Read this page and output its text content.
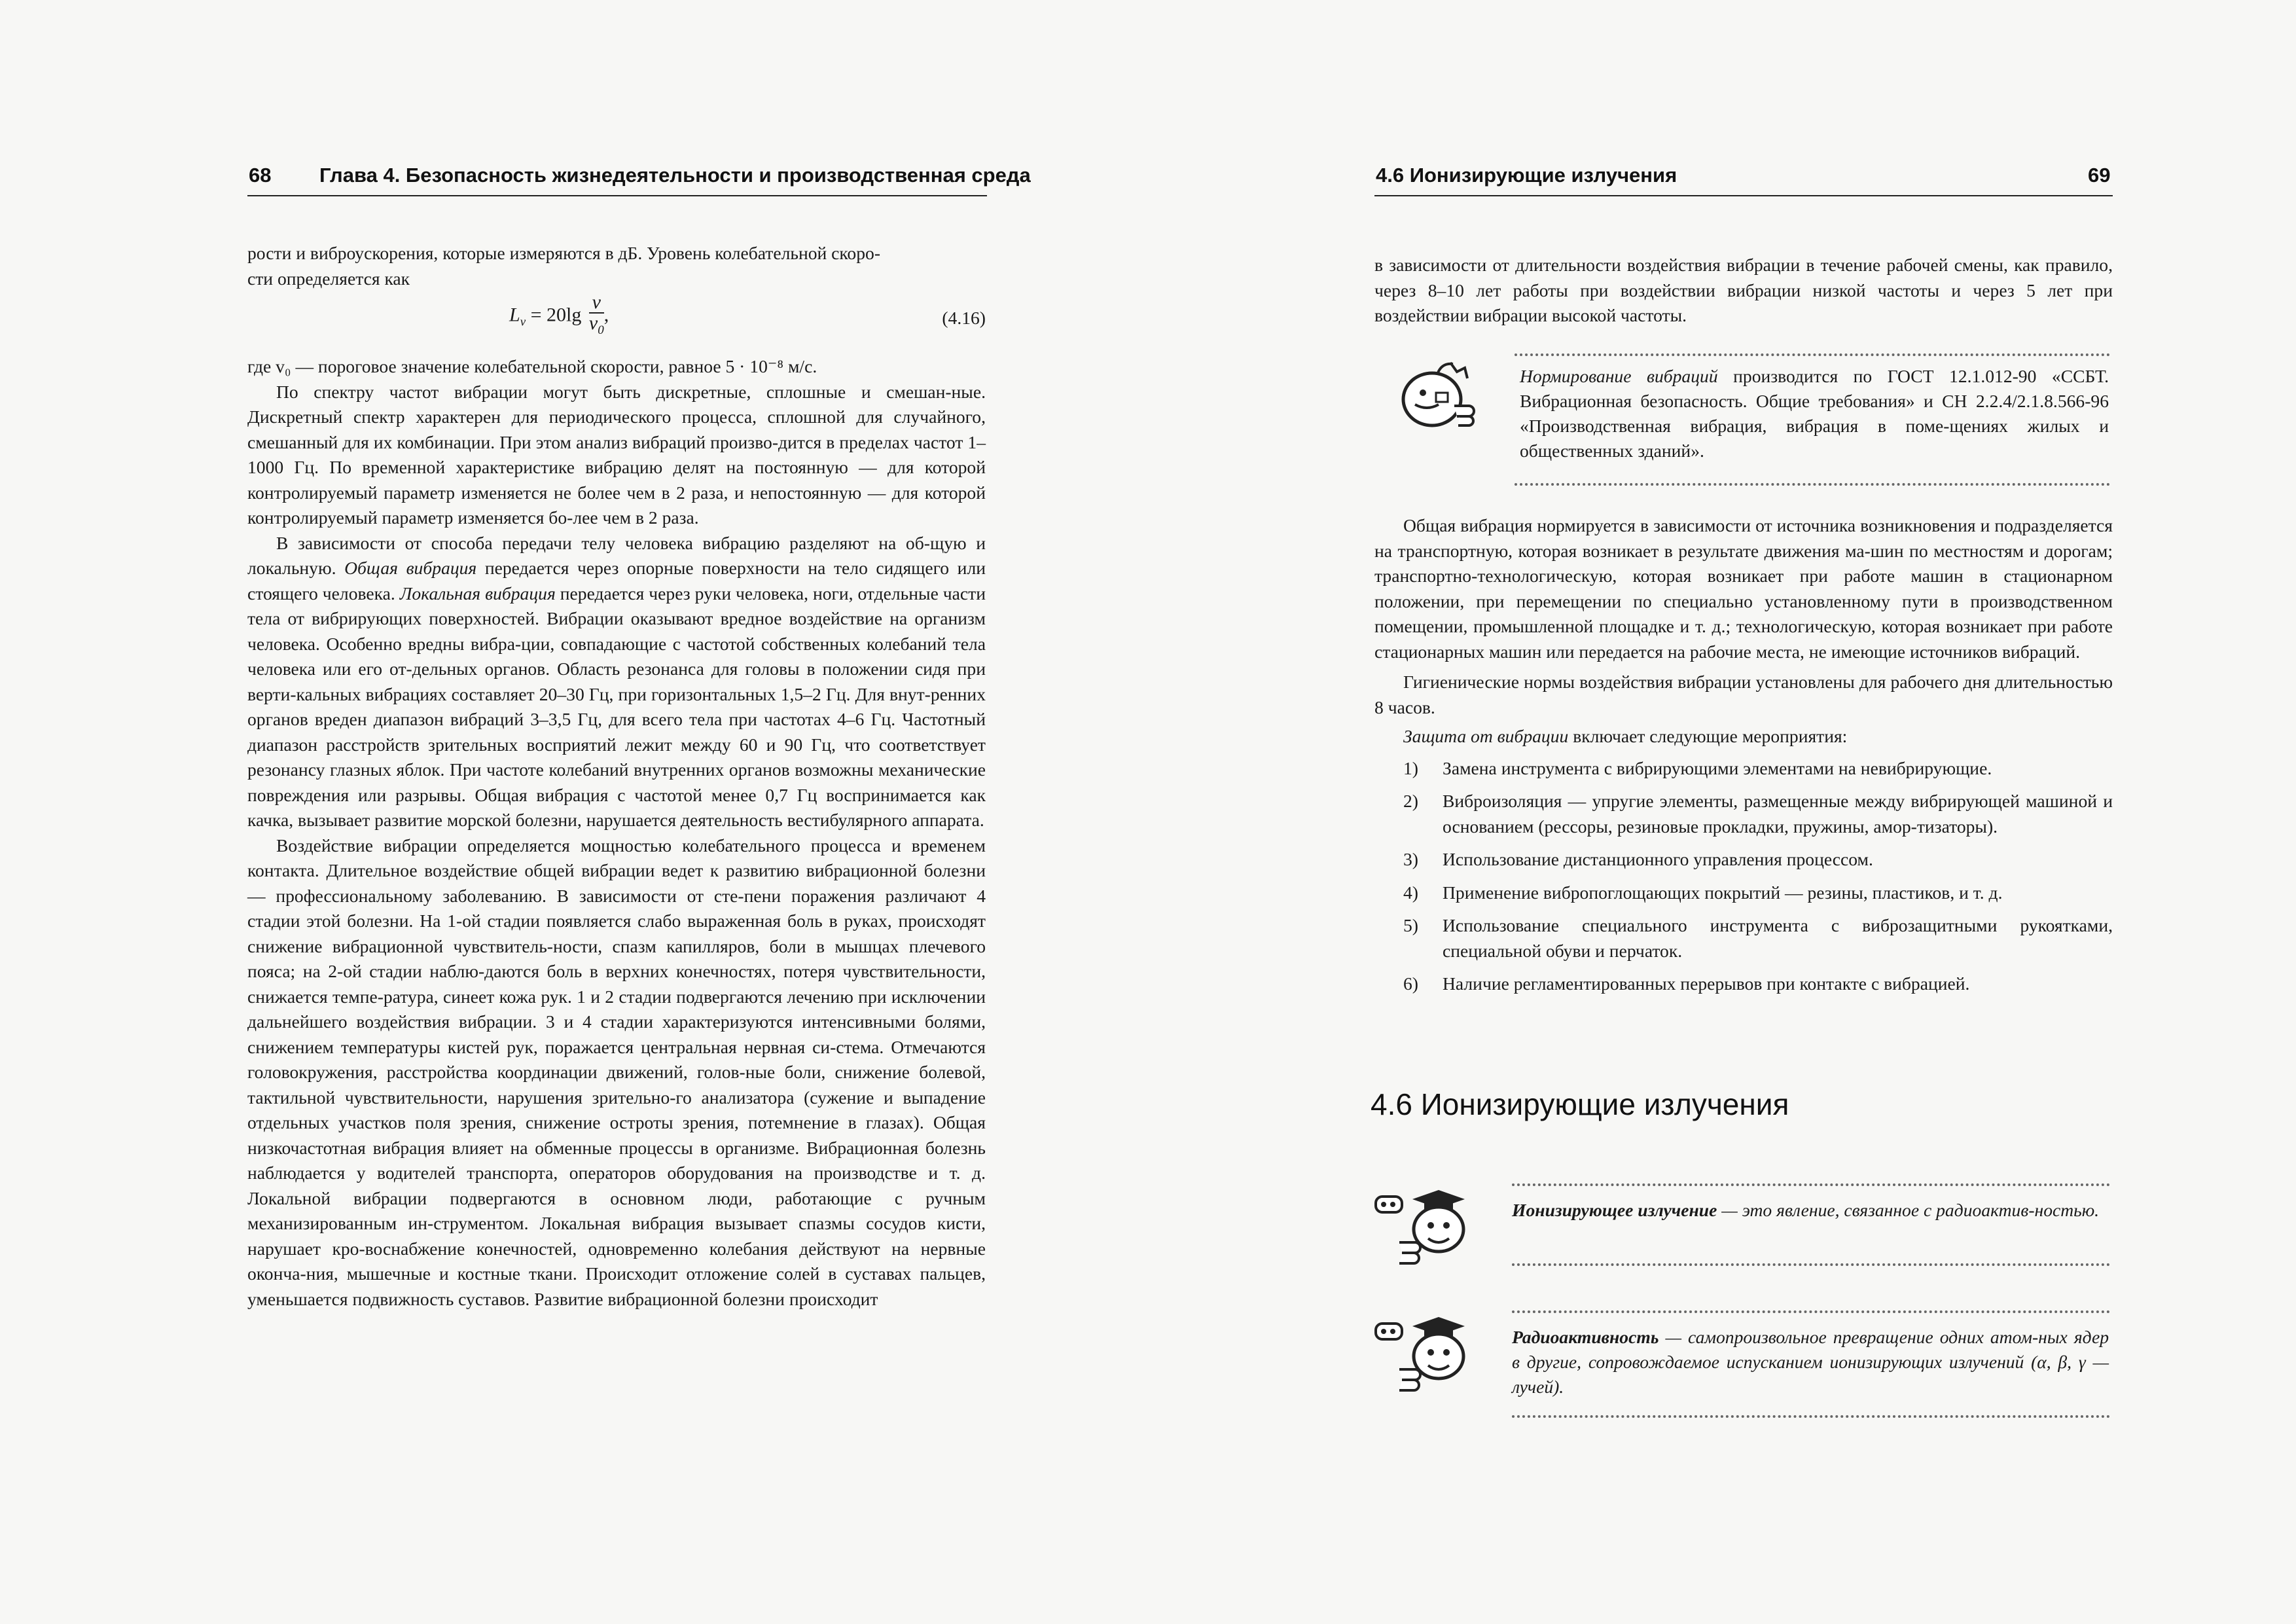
68 Глава 4. Безопасность жизнедеятельности и производственная среда

рости и виброускорения, которые измеряются в дБ. Уровень колебательной скоро-

сти определяется как

$L_v = 20\lg \frac{v}{v_0}$ ,	(4.16)

где v₀ — пороговое значение колебательной скорости, равное 5 · 10⁻⁸ м/с.

По спектру частот вибрации могут быть дискретные, сплошные и смешан-ные. Дискретный спектр характерен для периодического процесса, сплошной для случайного, смешанный для их комбинации. При этом анализ вибраций произво-дится в пределах частот 1–1000 Гц. По временной характеристике вибрацию делят на постоянную — для которой контролируемый параметр изменяется не более чем в 2 раза, и непостоянную — для которой контролируемый параметр изменяется бо-лее чем в 2 раза.

В зависимости от способа передачи телу человека вибрацию разделяют на об-щую и локальную. Общая вибрация передается через опорные поверхности на тело сидящего или стоящего человека. Локальная вибрация передается через руки человека, ноги, отдельные части тела от вибрирующих поверхностей. Вибрации оказывают вредное воздействие на организм человека. Особенно вредны вибра-ции, совпадающие с частотой собственных колебаний тела человека или его от-дельных органов. Область резонанса для головы в положении сидя при верти-кальных вибрациях составляет 20–30 Гц, при горизонтальных 1,5–2 Гц. Для внут-ренних органов вреден диапазон вибраций 3–3,5 Гц, для всего тела при частотах 4–6 Гц. Частотный диапазон расстройств зрительных восприятий лежит между 60 и 90 Гц, что соответствует резонансу глазных яблок. При частоте колебаний внутренних органов возможны механические повреждения или разрывы. Общая вибрация с частотой менее 0,7 Гц воспринимается как качка, вызывает развитие морской болезни, нарушается деятельность вестибулярного аппарата.

Воздействие вибрации определяется мощностью колебательного процесса и временем контакта. Длительное воздействие общей вибрации ведет к развитию вибрационной болезни — профессиональному заболеванию. В зависимости от сте-пени поражения различают 4 стадии этой болезни. На 1-ой стадии появляется слабо выраженная боль в руках, происходят снижение вибрационной чувствитель-ности, спазм капилляров, боли в мышцах плечевого пояса; на 2-ой стадии наблю-даются боль в верхних конечностях, потеря чувствительности, снижается темпе-ратура, синеет кожа рук. 1 и 2 стадии подвергаются лечению при исключении дальнейшего воздействия вибрации. 3 и 4 стадии характеризуются интенсивными болями, снижением температуры кистей рук, поражается центральная нервная си-стема. Отмечаются головокружения, расстройства координации движений, голов-ные боли, снижение болевой, тактильной чувствительности, нарушения зрительно-го анализатора (сужение и выпадение отдельных участков поля зрения, снижение остроты зрения, потемнение в глазах). Общая низкочастотная вибрация влияет на обменные процессы в организме. Вибрационная болезнь наблюдается у водителей транспорта, операторов оборудования на производстве и т. д. Локальной вибрации подвергаются в основном люди, работающие с ручным механизированным ин-струментом. Локальная вибрация вызывает спазмы сосудов кисти, нарушает кро-воснабжение конечностей, одновременно колебания действуют на нервные оконча-ния, мышечные и костные ткани. Происходит отложение солей в суставах пальцев, уменьшается подвижность суставов. Развитие вибрационной болезни происходит

4.6 Ионизирующие излучения	69

в зависимости от длительности воздействия вибрации в течение рабочей смены, как правило, через 8–10 лет работы при воздействии вибрации низкой частоты и через 5 лет при воздействии вибрации высокой частоты.

Нормирование вибраций производится по ГОСТ 12.1.012-90 «ССБТ. Вибрационная безопасность. Общие требования» и СН 2.2.4/2.1.8.566-96 «Производственная вибрация, вибрация в поме-щениях жилых и общественных зданий».

Общая вибрация нормируется в зависимости от источника возникновения и подразделяется на транспортную, которая возникает в результате движения ма-шин по местностям и дорогам; транспортно-технологическую, которая возникает при работе машин в стационарном положении, при перемещении по специально установленному пути в производственном помещении, промышленной площадке и т. д.; технологическую, которая возникает при работе стационарных машин или передается на рабочие места, не имеющие источников вибраций.

Гигиенические нормы воздействия вибрации установлены для рабочего дня длительностью 8 часов.

Защита от вибрации включает следующие мероприятия:

1) Замена инструмента с вибрирующими элементами на невибрирующие.
2) Виброизоляция — упругие элементы, размещенные между вибрирующей машиной и основанием (рессоры, резиновые прокладки, пружины, амор-тизаторы).
3) Использование дистанционного управления процессом.
4) Применение вибропоглощающих покрытий — резины, пластиков, и т. д.
5) Использование специального инструмента с виброзащитными рукоятками, специальной обуви и перчаток.
6) Наличие регламентированных перерывов при контакте с вибрацией.
4.6 Ионизирующие излучения
Ионизирующее излучение — это явление, связанное с радиоактив-ностью.
Радиоактивность — самопроизвольное превращение одних атом-ных ядер в другие, сопровождаемое испусканием ионизирующих излучений (α, β, γ — лучей).
